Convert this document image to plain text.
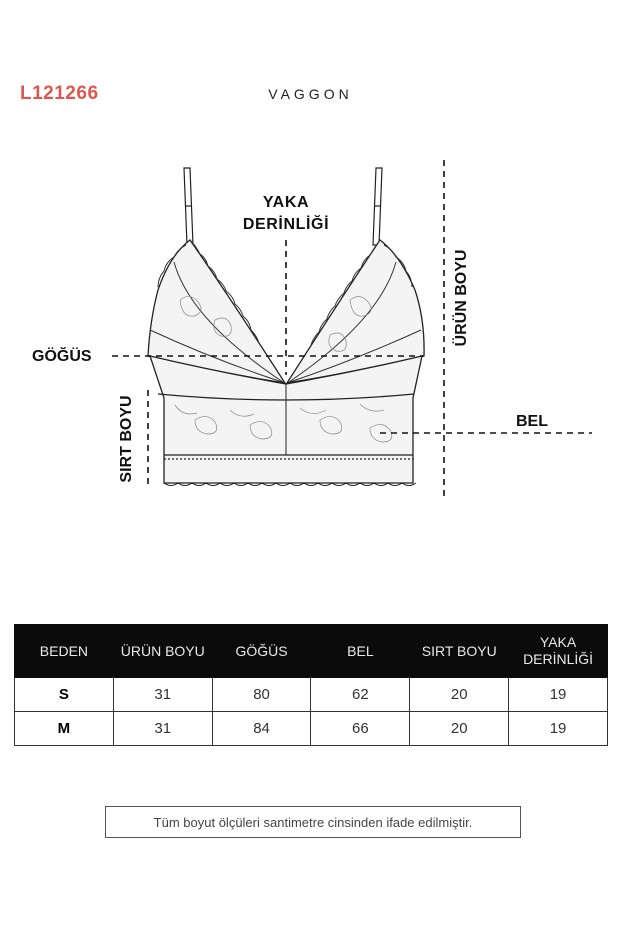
L121266	VAGGON
YAKA
DERİNLİĞİ
ÜRÜN BOYU
GÖĞÜS
BEL
SIRT BOYU
BEDEN	ÜRÜN BOYU	GÖĞÜS	BEL	SIRT BOYU	YAKA DERİNLİĞİ
S	31	80	62	20	19
M	31	84	66	20	19
Tüm boyut ölçüleri santimetre cinsinden ifade edilmiştir.
